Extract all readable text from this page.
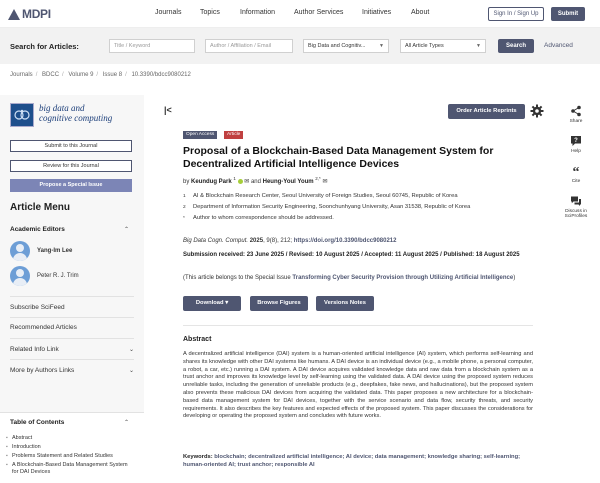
MDPI	Journals	Topics	Information	Author Services	Initiatives	About	Sign In / Sign Up	Submit
Search for Articles:	Title / Keyword	Author / Affiliation / Email	Big Data and Cognitiv...	▼	All Article Types	▼	Search	Advanced
Journals / BDCC / Volume 9 / Issue 8 / 10.3390/bdcc9080212
big data and
cognitive computing
Submit to this Journal
Review for this Journal
Propose a Special Issue
Article Menu
Academic Editors	⌃
Yang-Im Lee
Peter R. J. Trim
Subscribe SciFeed
Recommended Articles
Related Info Link	⌄
More by Authors Links	⌄
Table of Contents	⌃
▪ Abstract
▪ Introduction
▪ Problems Statement and Related Studies
▪ A Blockchain-Based Data Management System for DAI Devices
|<	Order Article Reprints
Open Access	Article
Proposal of a Blockchain-Based Data Management System for Decentralized Artificial Intelligence Devices
by Keundug Park $^1$  ✉ and Heung-Youl Youm $^{2,*}$ ✉
1 AI & Blockchain Research Center, Seoul University of Foreign Studies, Seoul 60745, Republic of Korea
2 Department of Information Security Engineering, Soonchunhyang University, Asan 31538, Republic of Korea
* Author to whom correspondence should be addressed.
Big Data Cogn. Comput. 2025, 9(8), 212; https://doi.org/10.3390/bdcc9080212
Submission received: 23 June 2025 / Revised: 10 August 2025 / Accepted: 11 August 2025 / Published: 18 August 2025
(This article belongs to the Special Issue Transforming Cyber Security Provision through Utilizing Artificial Intelligence)
Download ▾	Browse Figures	Versions Notes
Abstract
A decentralized artificial intelligence (DAI) system is a human-oriented artificial intelligence (AI) system, which performs self-learning and shares its knowledge with other DAI systems like humans. A DAI device is an individual device (e.g., a mobile phone, a personal computer, a robot, a car, etc.) running a DAI system. A DAI device acquires validated knowledge data and raw data from a blockchain system as a trust anchor and improves its knowledge level by self-learning using the validated data. A DAI device using the proposed system reduces unreliable tasks, including the generation of unreliable products (e.g., deepfakes, fake news, and hallucinations), but the proposed system also prevents these malicious DAI devices from acquiring the validated data. This paper proposes a new architecture for a blockchain-based data management system for DAI devices, together with the service scenario and data flow, security threats, and security requirements. It also describes the key features and expected effects of the proposed system. This paper discusses the considerations for developing or operating the proposed system and concludes with future works.
Keywords: blockchain; decentralized artificial intelligence; AI device; data management; knowledge sharing; self-learning; human-oriented AI; trust anchor; responsible AI
Share
?
Help
“
Cite
Discuss in SciProfiles
